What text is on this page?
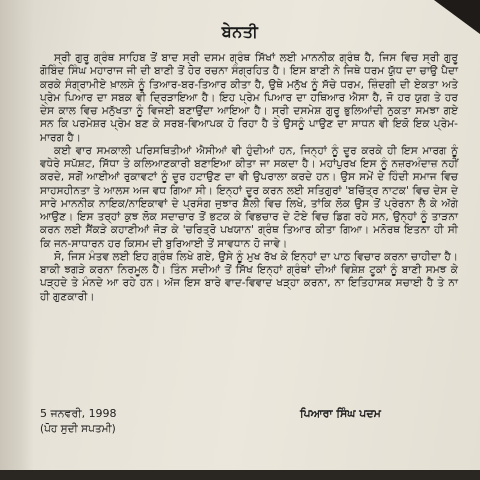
ਬੇਨਤੀ

ਸ੍ਰੀ ਗੁਰੂ ਗ੍ਰੰਥ ਸਾਹਿਬ ਤੋਂ ਬਾਦ ਸ੍ਰੀ ਦਸਮ ਗ੍ਰੰਥ ਸਿੱਖਾਂ ਲਈ ਮਾਨਨੀਕ ਗ੍ਰੰਥ ਹੈ, ਜਿਸ ਵਿਚ ਸ੍ਰੀ ਗੁਰੂ ਗੋਬਿੰਦ ਸਿੰਘ ਮਹਾਰਾਜ ਜੀ ਦੀ ਬਾਣੀ ਤੋਂ ਹੋਰ ਰਚਨਾ ਸੰਗ੍ਰਹਿਤ ਹੈ। ਇਸ ਬਾਣੀ ਨੇ ਜਿਥੇ ਧਰਮ ਯੁੱਧ ਦਾ ਚਾਉ ਪੈਦਾ ਕਰਕੇ ਸੰਗ੍ਰਾਮੀਏ ਖ਼ਾਲਸੇ ਨੂੰ ਤਿਆਰ-ਬਰ-ਤਿਆਰ ਕੀਤਾ ਹੈ, ਉਥੇ ਮਨੁੱਖ ਨੂੰ ਸੱਚੇ ਧਰਮ, ਜ਼ਿੰਦਗੀ ਦੀ ਏਕਤਾ ਅਤੇ ਪ੍ਰੇਮ ਪਿਆਰ ਦਾ ਸਬਕ ਵੀ ਦ੍ਰਿੜਾਇਆ ਹੈ। ਇਹ ਪ੍ਰੇਮ ਪਿਆਰ ਦਾ ਹਥਿਆਰ ਐਸਾ ਹੈ, ਜੋ ਹਰ ਯੁਗ ਤੇ ਹਰ ਦੇਸ ਕਾਲ ਵਿਚ ਮਨੁੱਖਤਾ ਨੂੰ ਵਿਜਈ ਬਣਾਉਂਦਾ ਆਇਆ ਹੈ। ਸ੍ਰੀ ਦਸਮੇਸ਼ ਗੁਰੂ ਭੁਲਿਆਂਦੀ ਨੁਕਤਾ ਸਮਝਾ ਗਏ ਸਨ ਕਿ ਪਰਮੇਸ਼ਰ ਪ੍ਰੇਮ ਬਣ ਕੇ ਸਰਬ-ਵਿਆਪਕ ਹੋ ਰਿਹਾ ਹੈ ਤੇ ਉਸਨੂੰ ਪਾਉਣ ਦਾ ਸਾਧਨ ਵੀ ਇਕੋ ਇਕ ਪ੍ਰੇਮ-ਮਾਰਗ ਹੈ।

ਕਈ ਵਾਰ ਸਮਕਾਲੀ ਪਰਿਸਥਿਤੀਆਂ ਐਸੀਆਂ ਵੀ ਹੁੰਦੀਆਂ ਹਨ, ਜਿਨ੍ਹਾਂ ਨੂੰ ਦੂਰ ਕਰਕੇ ਹੀ ਇਸ ਮਾਰਗ ਨੂੰ ਵਧੇਰੇ ਸਪੱਸ਼ਟ, ਸਿੱਧਾ ਤੇ ਕਲਿਆਣਕਾਰੀ ਬਣਾਇਆ ਕੀਤਾ ਜਾ ਸਕਦਾ ਹੈ। ਮਹਾਂਪੁਰਖ ਇਸ ਨੂੰ ਨਜ਼ਰਅੰਦਾਜ਼ ਨਹੀਂ ਕਰਦੇ, ਸਗੋਂ ਆਈਆਂ ਰੁਕਾਵਟਾਂ ਨੂੰ ਦੂਰ ਹਟਾਉਣ ਦਾ ਵੀ ਉਪਰਾਲਾ ਕਰਦੇ ਹਨ। ਉਸ ਸਮੇਂ ਦੇ ਹਿੰਦੀ ਸਮਾਜ ਵਿਚ ਸਾਹਸਹੀਨਤਾ ਤੇ ਆਲਸ ਅਜ ਵਧ ਗਿਆ ਸੀ। ਇਨ੍ਹਾਂ ਦੂਰ ਕਰਨ ਲਈ ਸਤਿਗੁਰਾਂ 'ਬਚਿੱਤ੍ਰ ਨਾਟਕ' ਵਿਚ ਦੇਸ ਦੇ ਸਾਰੇ ਮਾਨਨੀਕ ਨਾਇਕ/ਨਾਇਕਾਵਾਂ ਦੇ ਪ੍ਰਸੰਗ ਜੁਝਾਰ ਸ਼ੈਲੀ ਵਿਚ ਲਿਖੇ, ਤਾਂਕਿ ਲੋਕ ਉਸ ਤੋਂ ਪ੍ਰੇਰਨਾ ਲੈ ਕੇ ਅੱਗੇ ਆਉਣ। ਇਸ ਤਰ੍ਹਾਂ ਕੁਝ ਲੋਕ ਸਦਾਚਾਰ ਤੋਂ ਭਟਕ ਕੇ ਵਿਭਚਾਰ ਦੇ ਟੋਏ ਵਿਚ ਡਿਗ ਰਹੇ ਸਨ, ਉਨ੍ਹਾਂ ਨੂੰ ਤਾੜਨਾ ਕਰਨ ਲਈ ਸੈਂਕੜੇ ਕਹਾਣੀਆਂ ਜੋੜ ਕੇ 'ਚਰਿਤ੍ਰੋ ਪਖਯਾਨ' ਗ੍ਰੰਥ ਤਿਆਰ ਕੀਤਾ ਗਿਆ। ਮਨੋਰਥ ਇਤਨਾ ਹੀ ਸੀ ਕਿ ਜਨ-ਸਾਧਾਰਨ ਹਰ ਕਿਸਮ ਦੀ ਬੁਰਿਆਈ ਤੋਂ ਸਾਵਧਾਨ ਹੋ ਜਾਵੇ।

ਸੋ, ਜਿਸ ਮੰਤਵ ਲਈ ਇਹ ਗ੍ਰੰਥ ਲਿਖੇ ਗਏ, ਉਸੇ ਨੂੰ ਮੁਖ ਰੱਖ ਕੇ ਇਨ੍ਹਾਂ ਦਾ ਪਾਠ ਵਿਚਾਰ ਕਰਨਾ ਚਾਹੀਦਾ ਹੈ। ਬਾਕੀ ਝਗੜੇ ਕਰਨਾ ਨਿਰਮੂਲ ਹੈ। ਤਿੰਨ ਸਦੀਆਂ ਤੋਂ ਸਿੱਖ ਇਨ੍ਹਾਂ ਗ੍ਰੰਥਾਂ ਦੀਆਂ ਵਿਸ਼ੇਸ਼ ਟੂਕਾਂ ਨੂੰ ਬਾਣੀ ਸਮਝ ਕੇ ਪੜ੍ਹਦੇ ਤੇ ਮੰਨਦੇ ਆ ਰਹੇ ਹਨ। ਅੱਜ ਇਸ ਬਾਰੇ ਵਾਦ-ਵਿਵਾਦ ਖੜ੍ਹਾ ਕਰਨਾ, ਨਾ ਇਤਿਹਾਸਕ ਸਚਾਈ ਹੈ ਤੇ ਨਾ ਹੀ ਗੁਣਕਾਰੀ।

5 ਜਨਵਰੀ, 1998
(ਪੋਹ ਸੁਦੀ ਸਪਤਮੀ)
ਪਿਆਰਾ ਸਿੰਘ ਪਦਮ
